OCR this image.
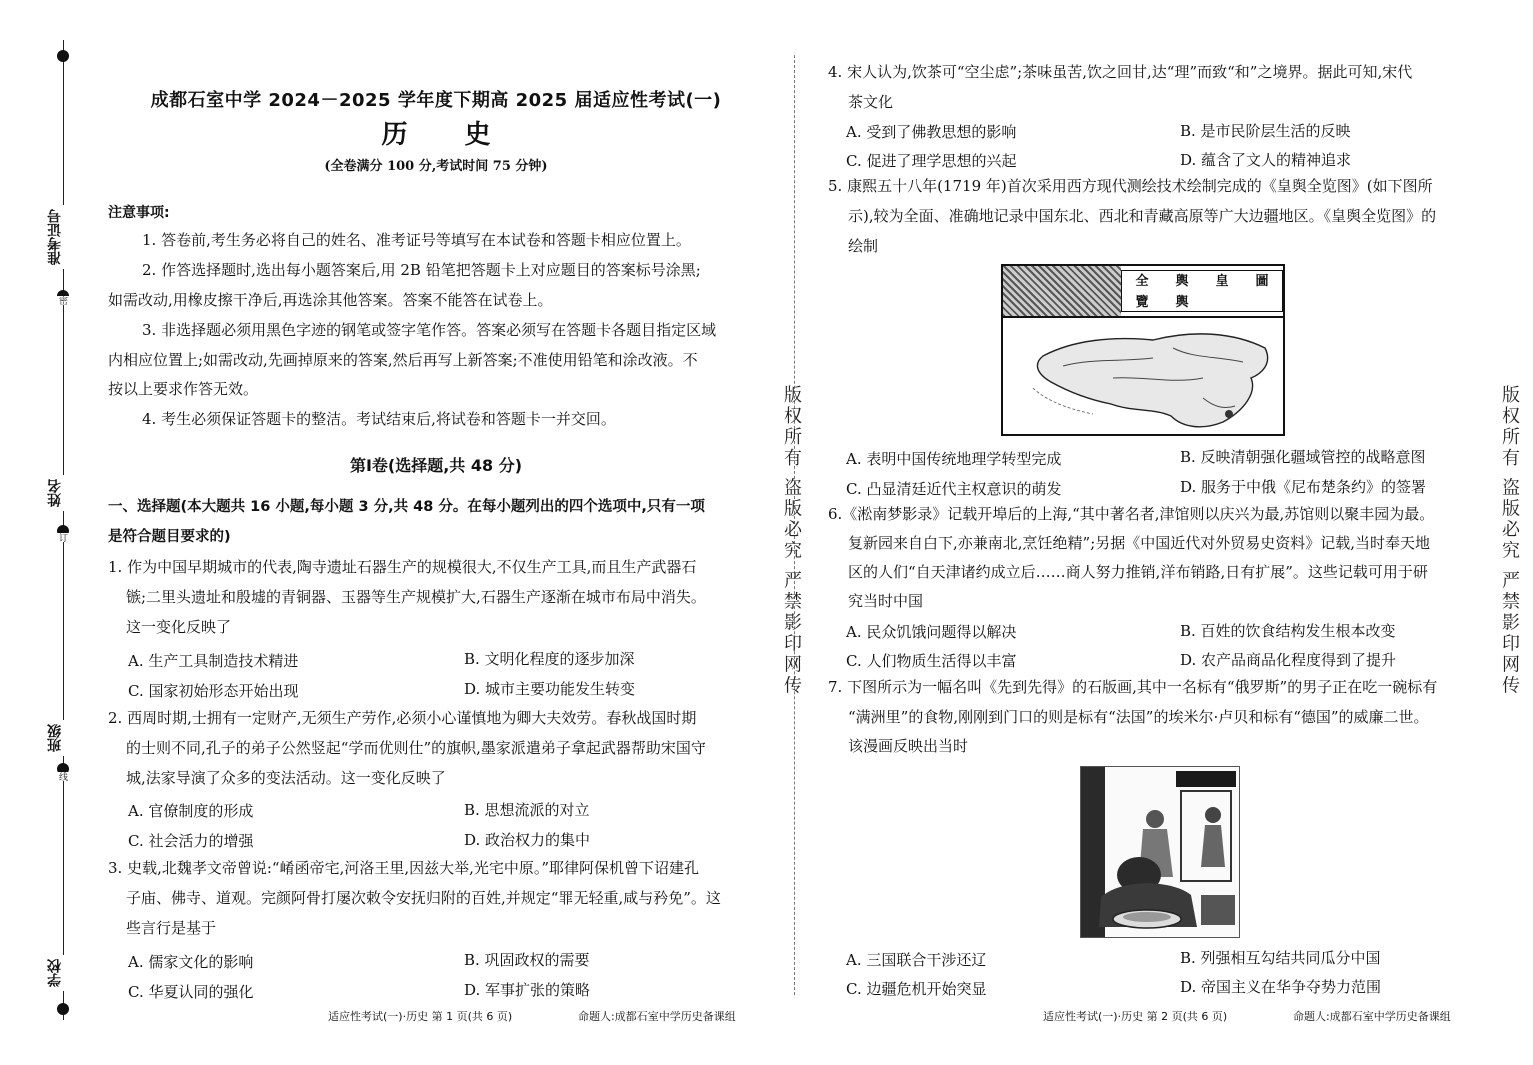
准考证号
姓名
班级
学校
密
订
线
成都石室中学 2024－2025 学年度下期高 2025 届适应性考试(一)
历 史
(全卷满分 100 分,考试时间 75 分钟)
注意事项:
1. 答卷前,考生务必将自己的姓名、准考证号等填写在本试卷和答题卡相应位置上。
2. 作答选择题时,选出每小题答案后,用 2B 铅笔把答题卡上对应题目的答案标号涂黑;
如需改动,用橡皮擦干净后,再选涂其他答案。答案不能答在试卷上。
3. 非选择题必须用黑色字迹的钢笔或签字笔作答。答案必须写在答题卡各题目指定区域
内相应位置上;如需改动,先画掉原来的答案,然后再写上新答案;不准使用铅笔和涂改液。不
按以上要求作答无效。
4. 考生必须保证答题卡的整洁。考试结束后,将试卷和答题卡一并交回。
第Ⅰ卷(选择题,共 48 分)
一、选择题(本大题共 16 小题,每小题 3 分,共 48 分。在每小题列出的四个选项中,只有一项
是符合题目要求的)
1. 作为中国早期城市的代表,陶寺遗址石器生产的规模很大,不仅生产工具,而且生产武器石
镞;二里头遗址和殷墟的青铜器、玉器等生产规模扩大,石器生产逐渐在城市布局中消失。
这一变化反映了
A. 生产工具制造技术精进	B. 文明化程度的逐步加深
C. 国家初始形态开始出现	D. 城市主要功能发生转变
2. 西周时期,士拥有一定财产,无须生产劳作,必须小心谨慎地为卿大夫效劳。春秋战国时期
的士则不同,孔子的弟子公然竖起“学而优则仕”的旗帜,墨家派遣弟子拿起武器帮助宋国守
城,法家导演了众多的变法活动。这一变化反映了
A. 官僚制度的形成	B. 思想流派的对立
C. 社会活力的增强	D. 政治权力的集中
3. 史载,北魏孝文帝曾说:“崤函帝宅,河洛王里,因兹大举,光宅中原。”耶律阿保机曾下诏建孔
子庙、佛寺、道观。完颜阿骨打屡次敕令安抚归附的百姓,并规定“罪无轻重,咸与矜免”。这
些言行是基于
A. 儒家文化的影响	B. 巩固政权的需要
C. 华夏认同的强化	D. 军事扩张的策略
适应性考试(一)·历史 第 1 页(共 6 页)	命题人:成都石室中学历史备课组
版权所有 盗版必究 严禁影印网传	版权所有 盗版必究 严禁影印网传
4. 宋人认为,饮茶可“空尘虑”;茶味虽苦,饮之回甘,达“理”而致“和”之境界。据此可知,宋代
茶文化
A. 受到了佛教思想的影响	B. 是市民阶层生活的反映
C. 促进了理学思想的兴起	D. 蕴含了文人的精神追求
5. 康熙五十八年(1719 年)首次采用西方现代测绘技术绘制完成的《皇舆全览图》(如下图所
示),较为全面、准确地记录中国东北、西北和青藏高原等广大边疆地区。《皇舆全览图》的
绘制
全	輿	皇	圖
覽	輿
A. 表明中国传统地理学转型完成	B. 反映清朝强化疆域管控的战略意图
C. 凸显清廷近代主权意识的萌发	D. 服务于中俄《尼布楚条约》的签署
6.《淞南梦影录》记载开埠后的上海,“其中著名者,津馆则以庆兴为最,苏馆则以聚丰园为最。
复新园来自白下,亦兼南北,烹饪绝精”;另据《中国近代对外贸易史资料》记载,当时奉天地
区的人们“自天津诸约成立后……商人努力推销,洋布销路,日有扩展”。这些记载可用于研
究当时中国
A. 民众饥饿问题得以解决	B. 百姓的饮食结构发生根本改变
C. 人们物质生活得以丰富	D. 农产品商品化程度得到了提升
7. 下图所示为一幅名叫《先到先得》的石版画,其中一名标有“俄罗斯”的男子正在吃一碗标有
“满洲里”的食物,刚刚到门口的则是标有“法国”的埃米尔·卢贝和标有“德国”的威廉二世。
该漫画反映出当时
A. 三国联合干涉还辽	B. 列强相互勾结共同瓜分中国
C. 边疆危机开始突显	D. 帝国主义在华争夺势力范围
适应性考试(一)·历史 第 2 页(共 6 页)	命题人:成都石室中学历史备课组
